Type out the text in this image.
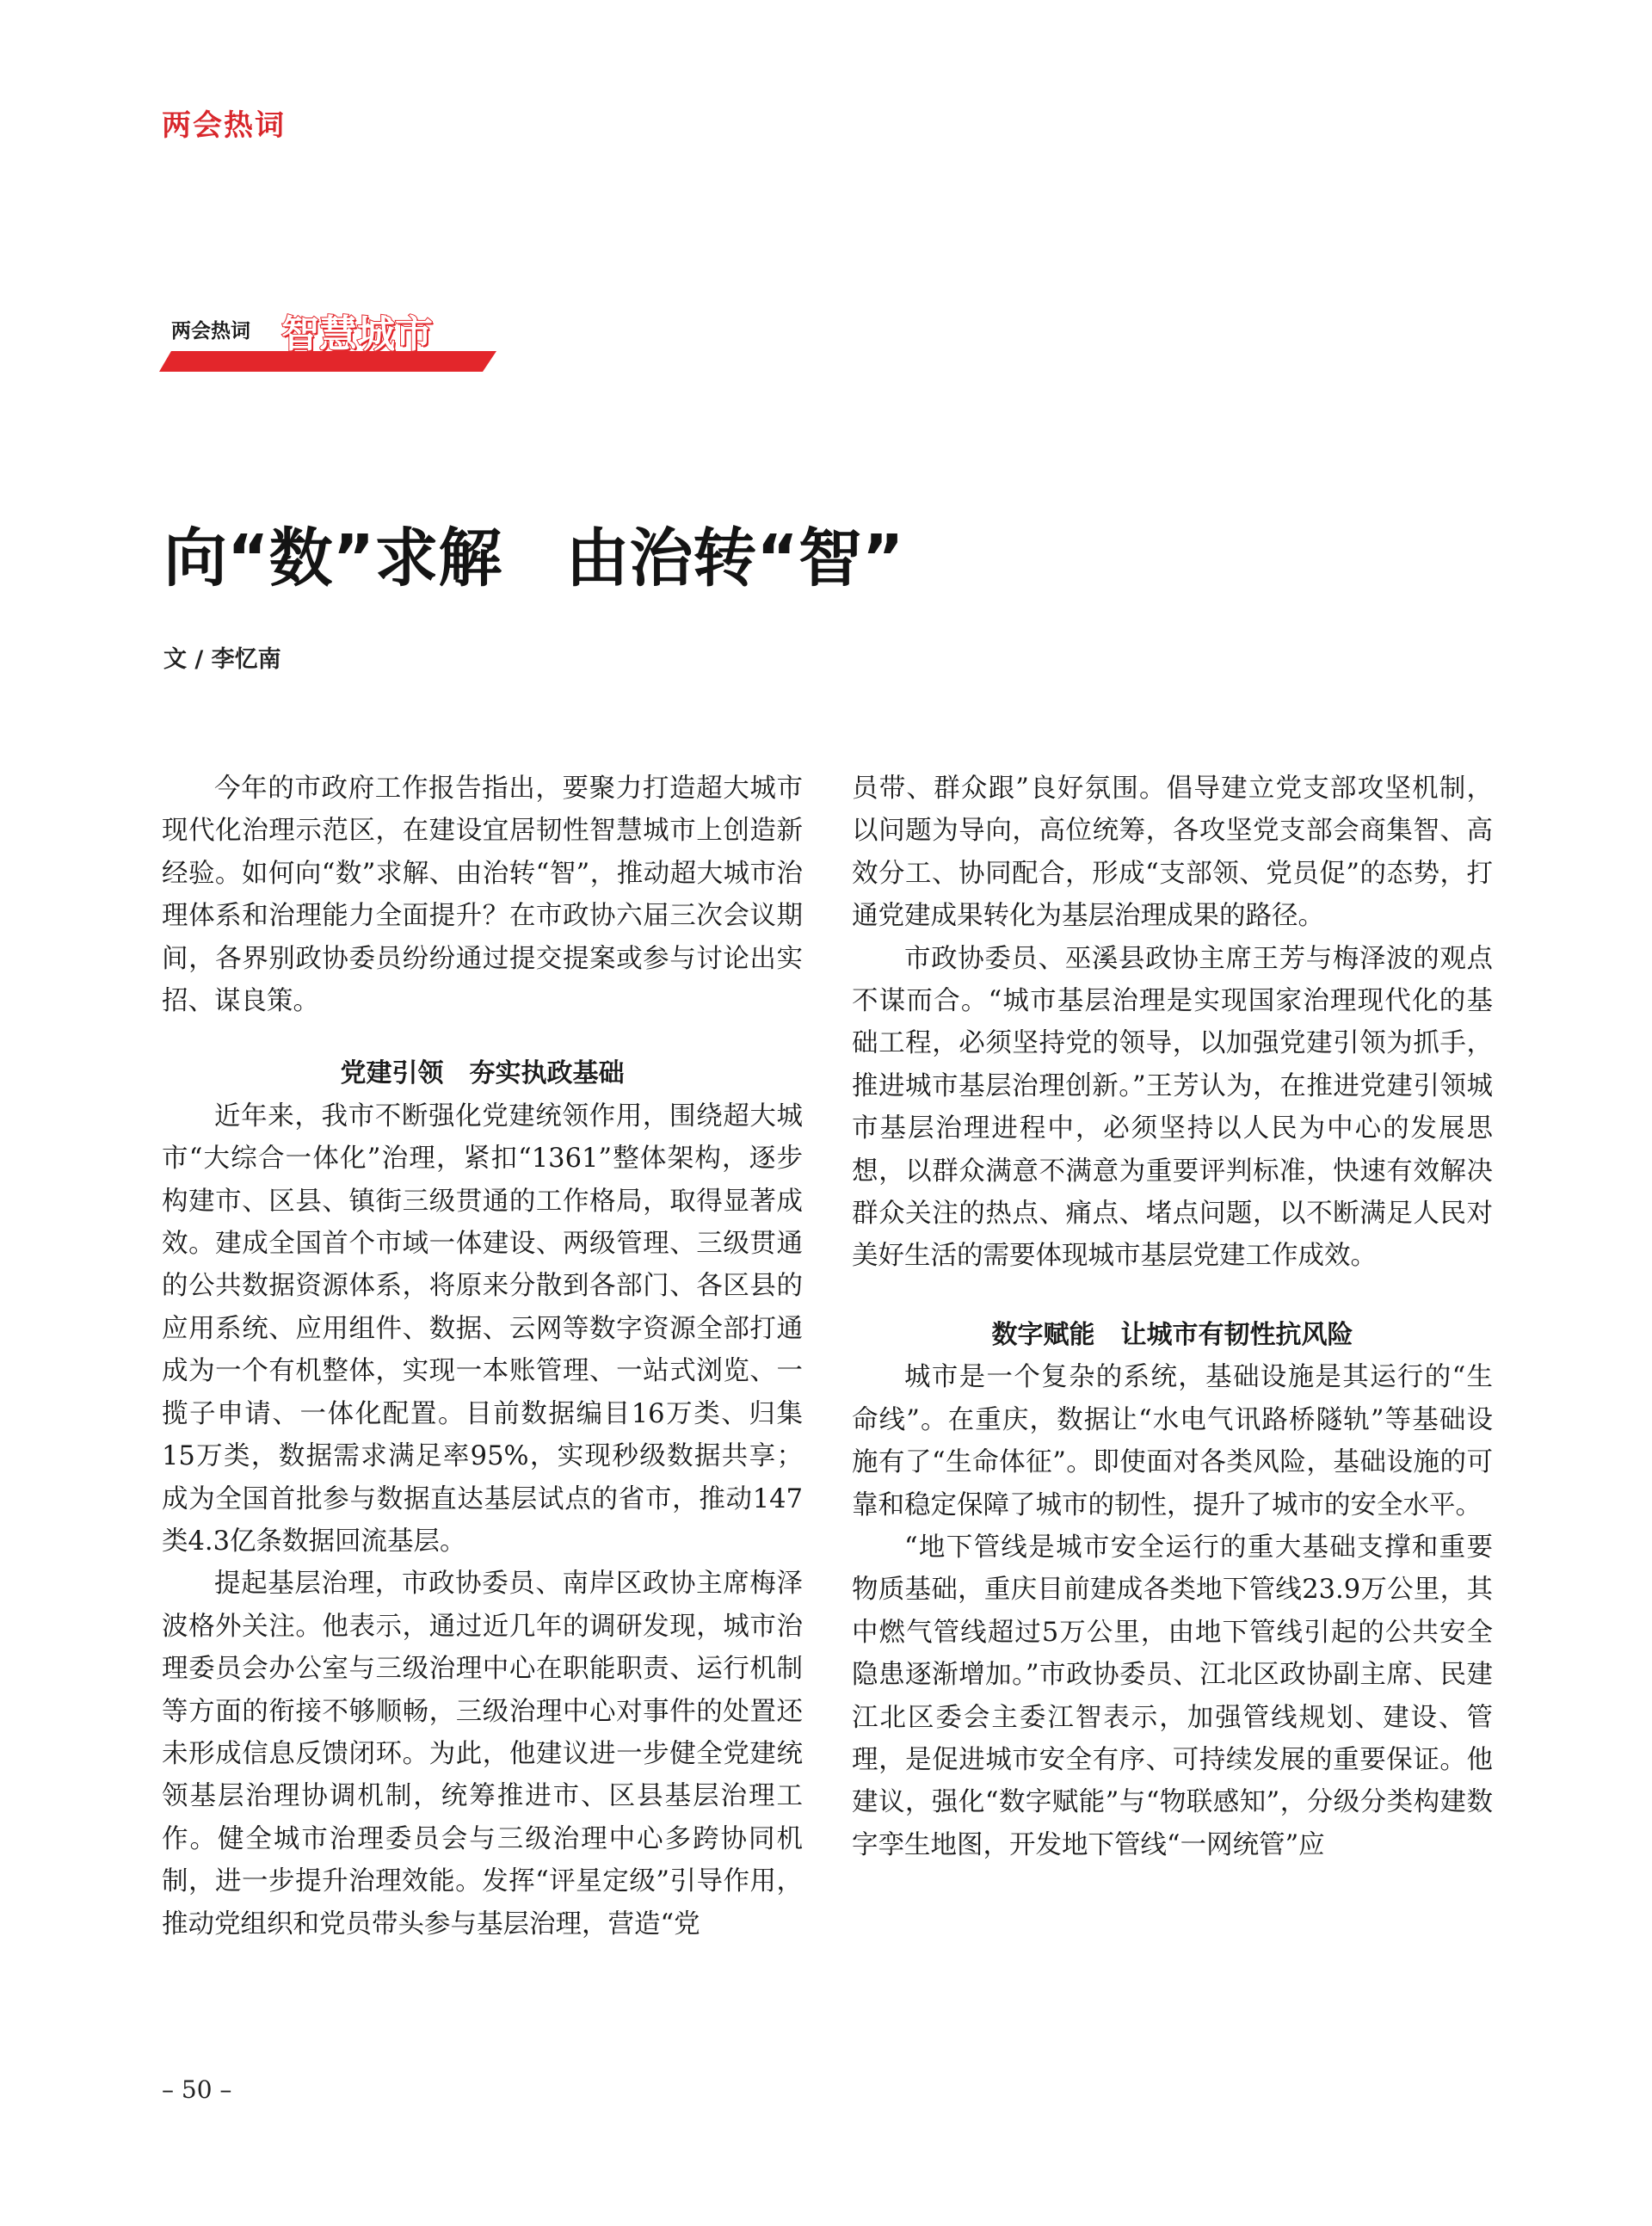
两会热词
两会热词 智慧城市
向“数”求解　由治转“智”
文 / 李忆南

今年的市政府工作报告指出，要聚力打造超大城市现代化治理示范区，在建设宜居韧性智慧城市上创造新经验。如何向“数”求解、由治转“智”，推动超大城市治理体系和治理能力全面提升？在市政协六届三次会议期间，各界别政协委员纷纷通过提交提案或参与讨论出实招、谋良策。

党建引领　夯实执政基础

近年来，我市不断强化党建统领作用，围绕超大城市“大综合一体化”治理，紧扣“1361”整体架构，逐步构建市、区县、镇街三级贯通的工作格局，取得显著成效。建成全国首个市域一体建设、两级管理、三级贯通的公共数据资源体系，将原来分散到各部门、各区县的应用系统、应用组件、数据、云网等数字资源全部打通成为一个有机整体，实现一本账管理、一站式浏览、一揽子申请、一体化配置。目前数据编目16万类、归集15万类，数据需求满足率95%，实现秒级数据共享；成为全国首批参与数据直达基层试点的省市，推动147类4.3亿条数据回流基层。

提起基层治理，市政协委员、南岸区政协主席梅泽波格外关注。他表示，通过近几年的调研发现，城市治理委员会办公室与三级治理中心在职能职责、运行机制等方面的衔接不够顺畅，三级治理中心对事件的处置还未形成信息反馈闭环。为此，他建议进一步健全党建统领基层治理协调机制，统筹推进市、区县基层治理工作。健全城市治理委员会与三级治理中心多跨协同机制，进一步提升治理效能。发挥“评星定级”引导作用，推动党组织和党员带头参与基层治理，营造“党

员带、群众跟”良好氛围。倡导建立党支部攻坚机制，以问题为导向，高位统筹，各攻坚党支部会商集智、高效分工、协同配合，形成“支部领、党员促”的态势，打通党建成果转化为基层治理成果的路径。

市政协委员、巫溪县政协主席王芳与梅泽波的观点不谋而合。“城市基层治理是实现国家治理现代化的基础工程，必须坚持党的领导，以加强党建引领为抓手，推进城市基层治理创新。”王芳认为，在推进党建引领城市基层治理进程中，必须坚持以人民为中心的发展思想，以群众满意不满意为重要评判标准，快速有效解决群众关注的热点、痛点、堵点问题，以不断满足人民对美好生活的需要体现城市基层党建工作成效。

数字赋能　让城市有韧性抗风险

城市是一个复杂的系统，基础设施是其运行的“生命线”。在重庆，数据让“水电气讯路桥隧轨”等基础设施有了“生命体征”。即使面对各类风险，基础设施的可靠和稳定保障了城市的韧性，提升了城市的安全水平。

“地下管线是城市安全运行的重大基础支撑和重要物质基础，重庆目前建成各类地下管线23.9万公里，其中燃气管线超过5万公里，由地下管线引起的公共安全隐患逐渐增加。”市政协委员、江北区政协副主席、民建江北区委会主委江智表示，加强管线规划、建设、管理，是促进城市安全有序、可持续发展的重要保证。他建议，强化“数字赋能”与“物联感知”，分级分类构建数字孪生地图，开发地下管线“一网统管”应

– 50 –
